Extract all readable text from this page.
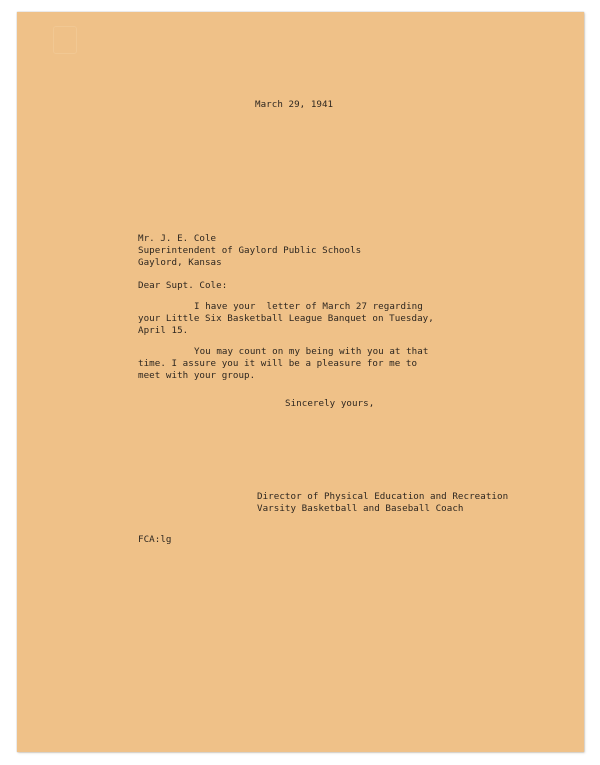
March 29, 1941
Mr. J. E. Cole
Superintendent of Gaylord Public Schools
Gaylord, Kansas
Dear Supt. Cole:
I have your  letter of March 27 regarding
your Little Six Basketball League Banquet on Tuesday,
April 15.
You may count on my being with you at that
time. I assure you it will be a pleasure for me to
meet with your group.
Sincerely yours,
Director of Physical Education and Recreation
Varsity Basketball and Baseball Coach
FCA:lg
